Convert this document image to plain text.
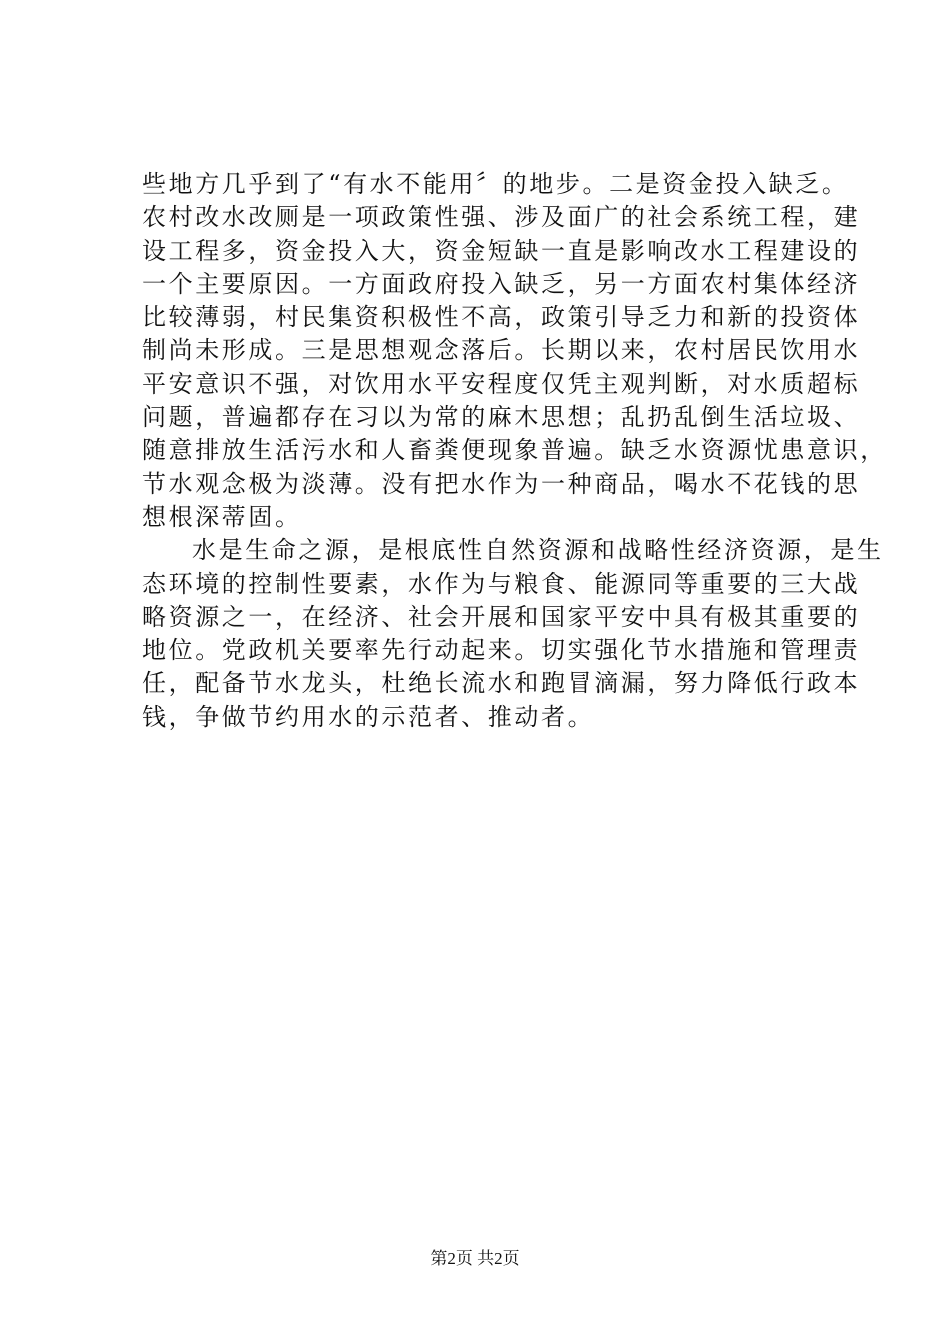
些地方几乎到了“有水不能用〞的地步。二是资金投入缺乏。
农村改水改厕是一项政策性强、涉及面广的社会系统工程，建
设工程多，资金投入大，资金短缺一直是影响改水工程建设的
一个主要原因。一方面政府投入缺乏，另一方面农村集体经济
比较薄弱，村民集资积极性不高，政策引导乏力和新的投资体
制尚未形成。三是思想观念落后。长期以来，农村居民饮用水
平安意识不强，对饮用水平安程度仅凭主观判断，对水质超标
问题，普遍都存在习以为常的麻木思想；乱扔乱倒生活垃圾、
随意排放生活污水和人畜粪便现象普遍。缺乏水资源忧患意识，
节水观念极为淡薄。没有把水作为一种商品，喝水不花钱的思
想根深蒂固。
水是生命之源，是根底性自然资源和战略性经济资源，是生
态环境的控制性要素，水作为与粮食、能源同等重要的三大战
略资源之一，在经济、社会开展和国家平安中具有极其重要的
地位。党政机关要率先行动起来。切实强化节水措施和管理责
任，配备节水龙头，杜绝长流水和跑冒滴漏，努力降低行政本
钱，争做节约用水的示范者、推动者。
第2页 共2页
